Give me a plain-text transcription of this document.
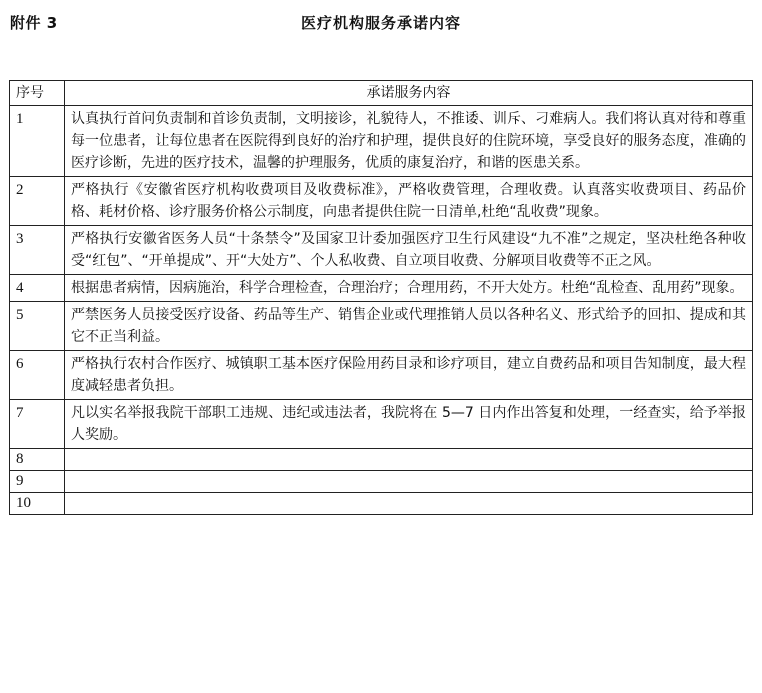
附件 3	医疗机构服务承诺内容
序号	承诺服务内容
1	认真执行首问负责制和首诊负责制，文明接诊，礼貌待人，不推诿、训斥、刁难病人。我们将认真对待和尊重每一位患者，让每位患者在医院得到良好的治疗和护理，提供良好的住院环境，享受良好的服务态度，准确的医疗诊断，先进的医疗技术，温馨的护理服务，优质的康复治疗，和谐的医患关系。
2	严格执行《安徽省医疗机构收费项目及收费标准》，严格收费管理，合理收费。认真落实收费项目、药品价格、耗材价格、诊疗服务价格公示制度，向患者提供住院一日清单,杜绝“乱收费”现象。
3	严格执行安徽省医务人员“十条禁令”及国家卫计委加强医疗卫生行风建设“九不准”之规定，坚决杜绝各种收受“红包”、“开单提成”、开“大处方”、个人私收费、自立项目收费、分解项目收费等不正之风。
4	根据患者病情，因病施治，科学合理检查，合理治疗；合理用药，不开大处方。杜绝“乱检查、乱用药”现象。
5	严禁医务人员接受医疗设备、药品等生产、销售企业或代理推销人员以各种名义、形式给予的回扣、提成和其它不正当利益。
6	严格执行农村合作医疗、城镇职工基本医疗保险用药目录和诊疗项目，建立自费药品和项目告知制度，最大程度减轻患者负担。
7	凡以实名举报我院干部职工违规、违纪或违法者，我院将在 5—7 日内作出答复和处理，一经查实，给予举报人奖励。
8	
9	
10	
